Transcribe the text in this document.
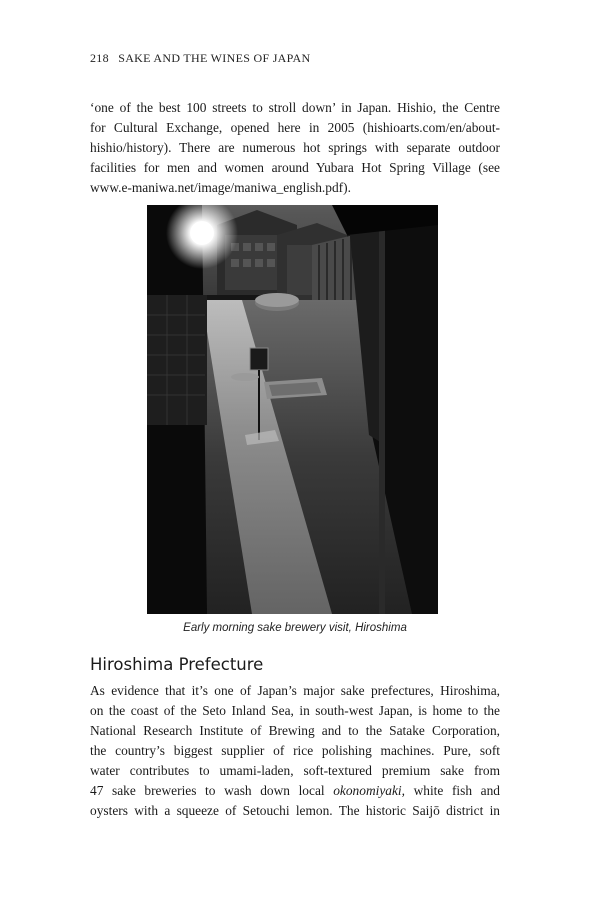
218 SAKE AND THE WINES OF JAPAN

‘one of the best 100 streets to stroll down’ in Japan. Hishio, the Centre
for Cultural Exchange, opened here in 2005 (hishioarts.com/en/about-
hishio/history). There are numerous hot springs with separate outdoor
facilities for men and women around Yubara Hot Spring Village (see
www.e-maniwa.net/image/maniwa_english.pdf).

Early morning sake brewery visit, Hiroshima
Hiroshima Prefecture

As evidence that it’s one of Japan’s major sake prefectures, Hiroshima,
on the coast of the Seto Inland Sea, in south-west Japan, is home to the
National Research Institute of Brewing and to the Satake Corporation,
the country’s biggest supplier of rice polishing machines. Pure, soft
water contributes to umami-laden, soft-textured premium sake from
47 sake breweries to wash down local okonomiyaki, white fish and
oysters with a squeeze of Setouchi lemon. The historic Saijō district in
